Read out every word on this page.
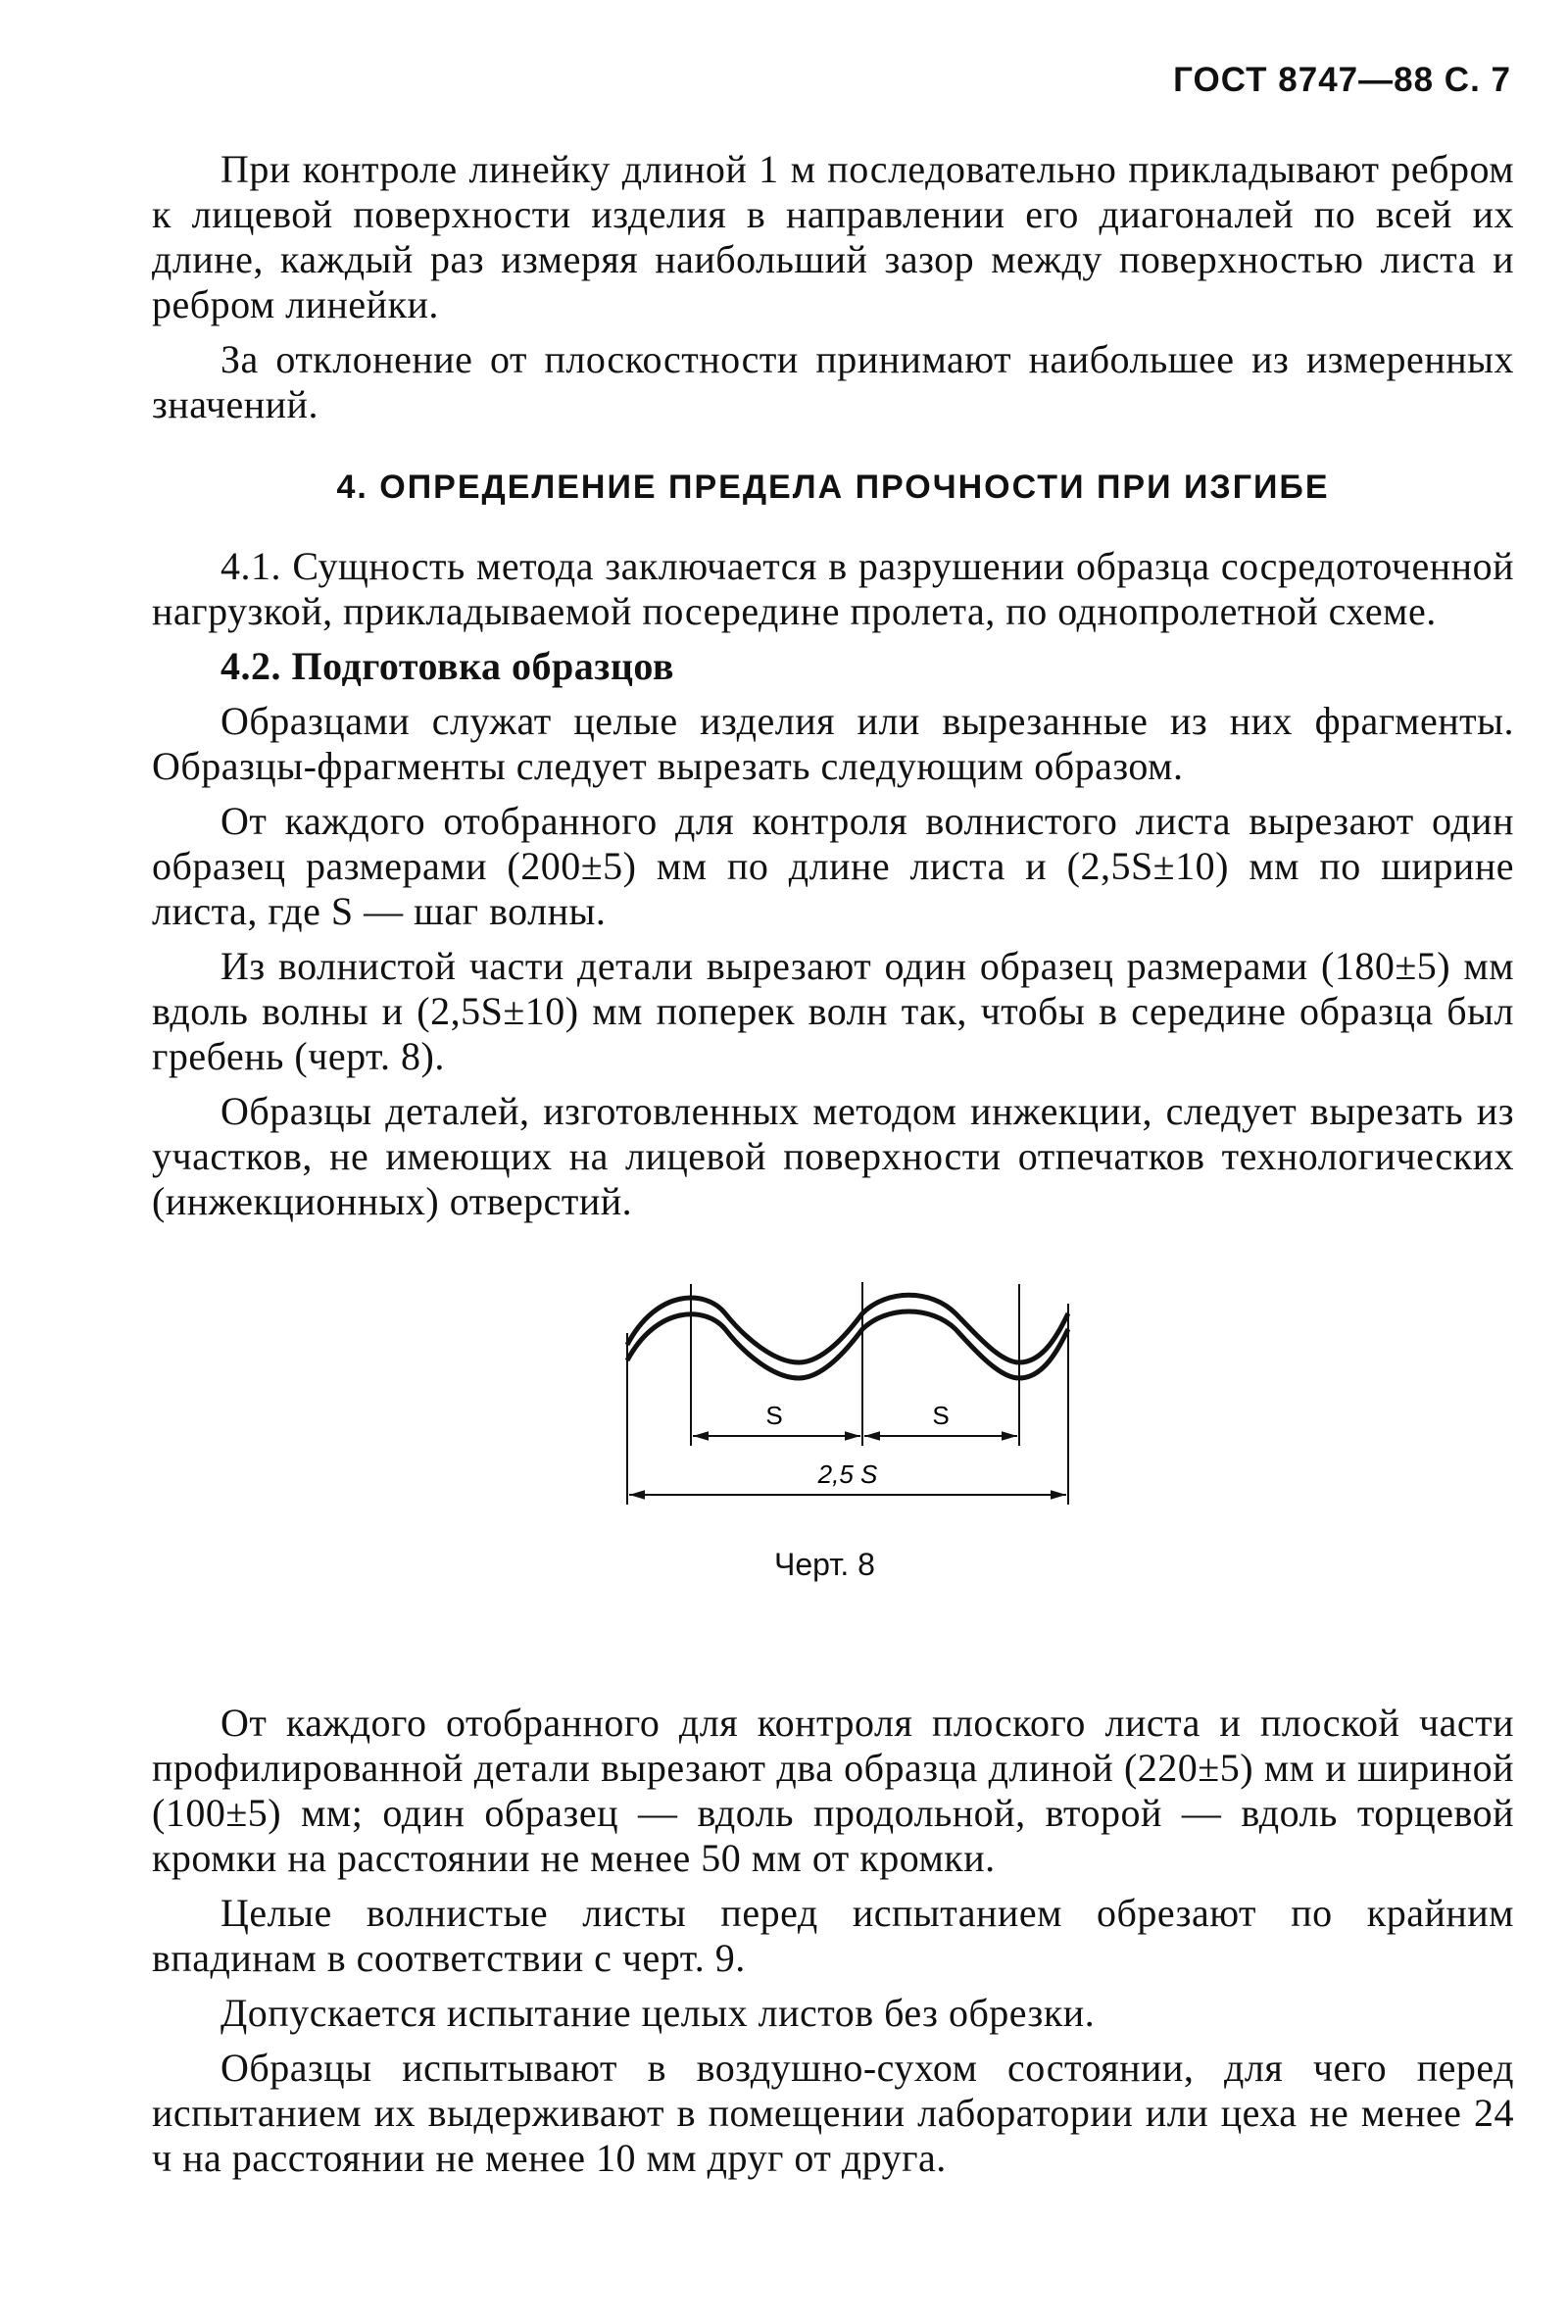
ГОСТ 8747—88 С. 7

При контроле линейку длиной 1 м последовательно прикладывают ребром к лицевой поверхности изделия в направлении его диагоналей по всей их длине, каждый раз измеряя наибольший зазор между поверхностью листа и ребром линейки.

За отклонение от плоскостности принимают наибольшее из измеренных значений.

4. ОПРЕДЕЛЕНИЕ ПРЕДЕЛА ПРОЧНОСТИ ПРИ ИЗГИБЕ

4.1. Сущность метода заключается в разрушении образца сосредоточенной нагрузкой, прикладываемой посередине пролета, по однопролетной схеме.

4.2. Подготовка образцов

Образцами служат целые изделия или вырезанные из них фрагменты. Образцы-фрагменты следует вырезать следующим образом.

От каждого отобранного для контроля волнистого листа вырезают один образец размерами (200±5) мм по длине листа и (2,5S±10) мм по ширине листа, где S — шаг волны.

Из волнистой части детали вырезают один образец размерами (180±5) мм вдоль волны и (2,5S±10) мм поперек волн так, чтобы в середине образца был гребень (черт. 8).

Образцы деталей, изготовленных методом инжекции, следует вырезать из участков, не имеющих на лицевой поверхности отпечатков технологических (инжекционных) отверстий.

S	S
2,5 S
Черт. 8

От каждого отобранного для контроля плоского листа и плоской части профилированной детали вырезают два образца длиной (220±5) мм и шириной (100±5) мм; один образец — вдоль продольной, второй — вдоль торцевой кромки на расстоянии не менее 50 мм от кромки.

Целые волнистые листы перед испытанием обрезают по крайним впадинам в соответствии с черт. 9.

Допускается испытание целых листов без обрезки.

Образцы испытывают в воздушно-сухом состоянии, для чего перед испытанием их выдерживают в помещении лаборатории или цеха не менее 24 ч на расстоянии не менее 10 мм друг от друга.
